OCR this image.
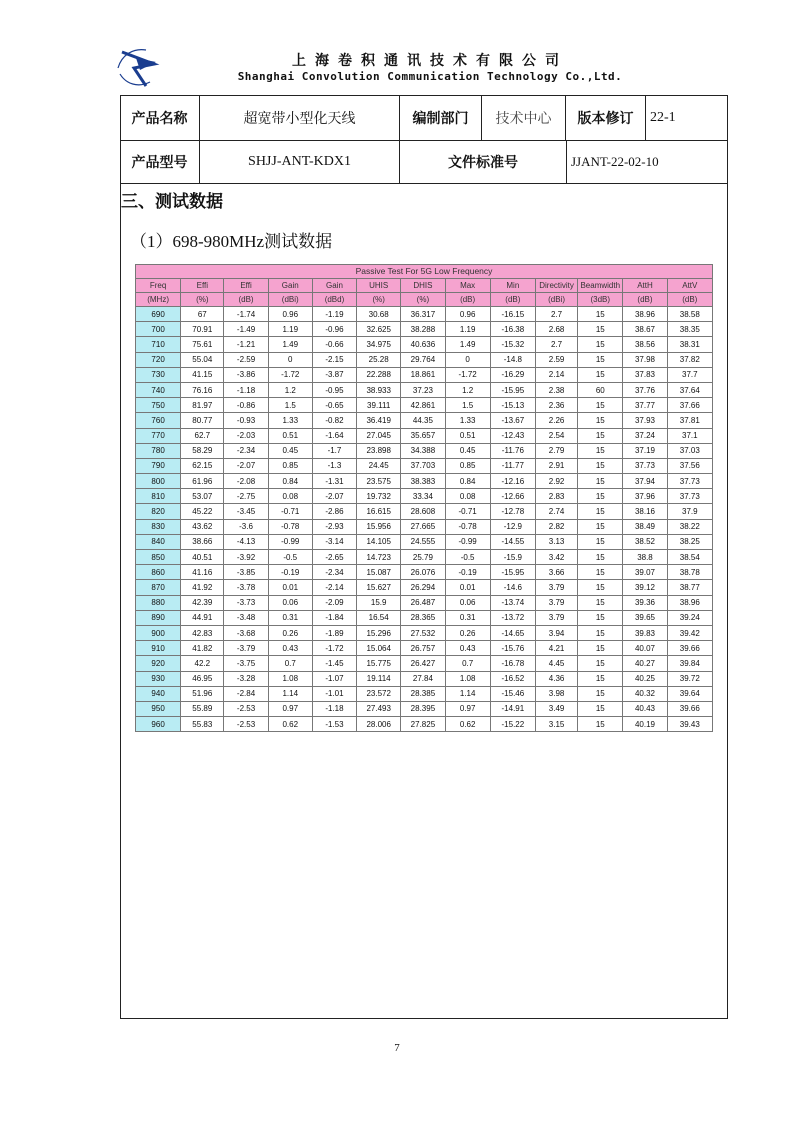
上海卷积通讯技术有限公司
Shanghai Convolution Communication Technology Co.,Ltd.
产品名称	超宽带小型化天线	编制部门	技术中心	版本修订	22-1
产品型号	SHJJ-ANT-KDX1	文件标准号	JJANT-22-02-10
三、测试数据
（1）698-980MHz测试数据
Passive Test For 5G Low Frequency												
Freq	Effi	Effi	Gain	Gain	UHIS	DHIS	Max	Min	Directivity	Beamwidth	AttH	AttV
(MHz)	(%)	(dB)	(dBi)	(dBd)	(%)	(%)	(dB)	(dB)	(dBi)	(3dB)	(dB)	(dB)
690	67	-1.74	0.96	-1.19	30.68	36.317	0.96	-16.15	2.7	15	38.96	38.58
700	70.91	-1.49	1.19	-0.96	32.625	38.288	1.19	-16.38	2.68	15	38.67	38.35
710	75.61	-1.21	1.49	-0.66	34.975	40.636	1.49	-15.32	2.7	15	38.56	38.31
720	55.04	-2.59	0	-2.15	25.28	29.764	0	-14.8	2.59	15	37.98	37.82
730	41.15	-3.86	-1.72	-3.87	22.288	18.861	-1.72	-16.29	2.14	15	37.83	37.7
740	76.16	-1.18	1.2	-0.95	38.933	37.23	1.2	-15.95	2.38	60	37.76	37.64
750	81.97	-0.86	1.5	-0.65	39.111	42.861	1.5	-15.13	2.36	15	37.77	37.66
760	80.77	-0.93	1.33	-0.82	36.419	44.35	1.33	-13.67	2.26	15	37.93	37.81
770	62.7	-2.03	0.51	-1.64	27.045	35.657	0.51	-12.43	2.54	15	37.24	37.1
780	58.29	-2.34	0.45	-1.7	23.898	34.388	0.45	-11.76	2.79	15	37.19	37.03
790	62.15	-2.07	0.85	-1.3	24.45	37.703	0.85	-11.77	2.91	15	37.73	37.56
800	61.96	-2.08	0.84	-1.31	23.575	38.383	0.84	-12.16	2.92	15	37.94	37.73
810	53.07	-2.75	0.08	-2.07	19.732	33.34	0.08	-12.66	2.83	15	37.96	37.73
820	45.22	-3.45	-0.71	-2.86	16.615	28.608	-0.71	-12.78	2.74	15	38.16	37.9
830	43.62	-3.6	-0.78	-2.93	15.956	27.665	-0.78	-12.9	2.82	15	38.49	38.22
840	38.66	-4.13	-0.99	-3.14	14.105	24.555	-0.99	-14.55	3.13	15	38.52	38.25
850	40.51	-3.92	-0.5	-2.65	14.723	25.79	-0.5	-15.9	3.42	15	38.8	38.54
860	41.16	-3.85	-0.19	-2.34	15.087	26.076	-0.19	-15.95	3.66	15	39.07	38.78
870	41.92	-3.78	0.01	-2.14	15.627	26.294	0.01	-14.6	3.79	15	39.12	38.77
880	42.39	-3.73	0.06	-2.09	15.9	26.487	0.06	-13.74	3.79	15	39.36	38.96
890	44.91	-3.48	0.31	-1.84	16.54	28.365	0.31	-13.72	3.79	15	39.65	39.24
900	42.83	-3.68	0.26	-1.89	15.296	27.532	0.26	-14.65	3.94	15	39.83	39.42
910	41.82	-3.79	0.43	-1.72	15.064	26.757	0.43	-15.76	4.21	15	40.07	39.66
920	42.2	-3.75	0.7	-1.45	15.775	26.427	0.7	-16.78	4.45	15	40.27	39.84
930	46.95	-3.28	1.08	-1.07	19.114	27.84	1.08	-16.52	4.36	15	40.25	39.72
940	51.96	-2.84	1.14	-1.01	23.572	28.385	1.14	-15.46	3.98	15	40.32	39.64
950	55.89	-2.53	0.97	-1.18	27.493	28.395	0.97	-14.91	3.49	15	40.43	39.66
960	55.83	-2.53	0.62	-1.53	28.006	27.825	0.62	-15.22	3.15	15	40.19	39.43
7
